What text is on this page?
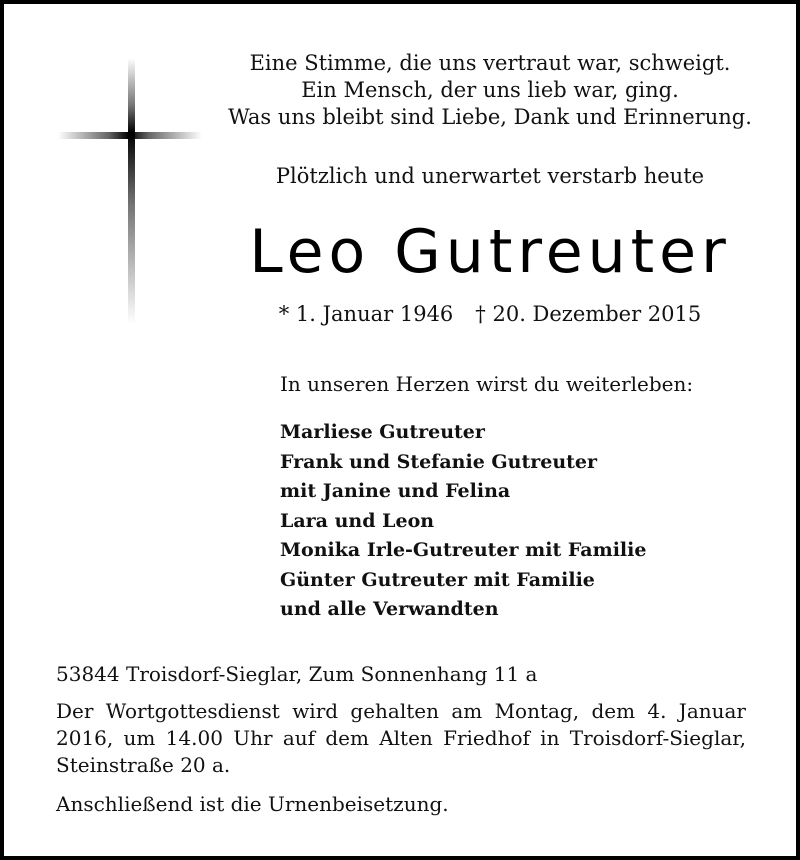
Eine Stimme, die uns vertraut war, schweigt.
Ein Mensch, der uns lieb war, ging.
Was uns bleibt sind Liebe, Dank und Erinnerung.
Plötzlich und unerwartet verstarb heute
Leo Gutreuter
* 1. Januar 1946 † 20. Dezember 2015
In unseren Herzen wirst du weiterleben:
Marliese Gutreuter
Frank und Stefanie Gutreuter
mit Janine und Felina
Lara und Leon
Monika Irle-Gutreuter mit Familie
Günter Gutreuter mit Familie
und alle Verwandten
53844 Troisdorf-Sieglar, Zum Sonnenhang 11 a
Der Wortgottesdienst wird gehalten am Montag, dem 4. Januar 2016, um 14.00 Uhr auf dem Alten Friedhof in Troisdorf-Sieglar, Steinstraße 20 a.
Anschließend ist die Urnenbeisetzung.
